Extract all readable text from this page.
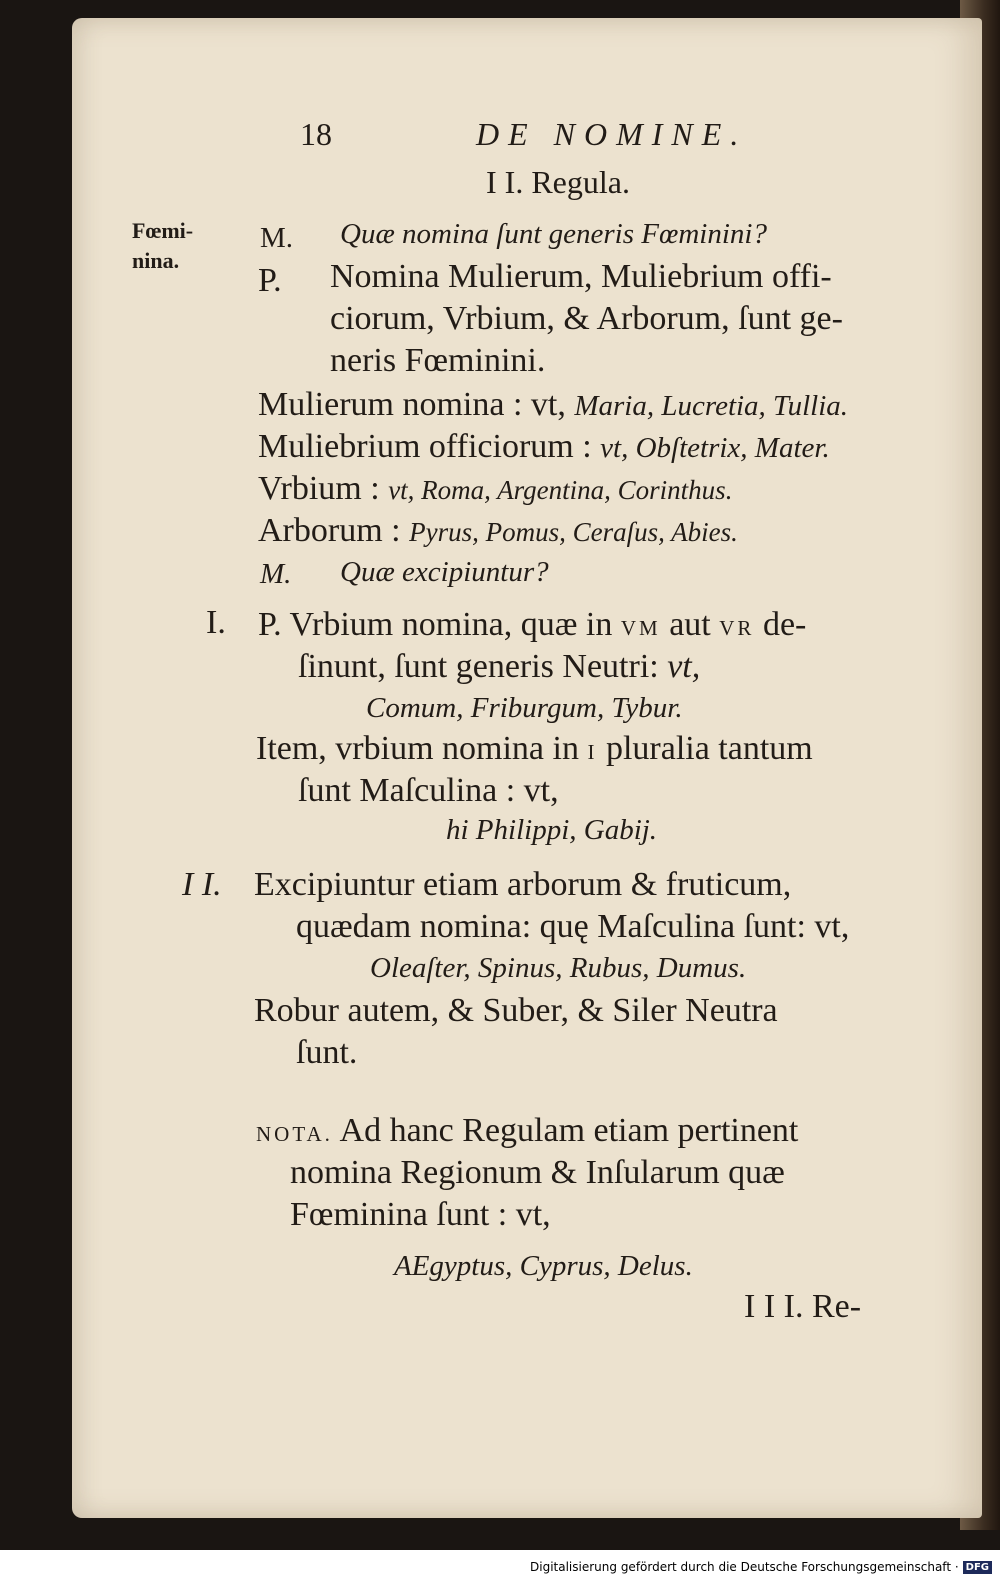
18	DE NOMINE.
I I. Regula.
Fœmi-
nina.
M. Quæ nomina ſunt generis Fœminini?
P. Nomina Mulierum, Muliebrium offi-
ciorum, Vrbium, & Arborum, ſunt ge-
neris Fœminini.
Mulierum nomina : vt, Maria, Lucretia, Tullia.
Muliebrium officiorum : vt, Obſtetrix, Mater.
Vrbium : vt, Roma, Argentina, Corinthus.
Arborum : Pyrus, Pomus, Ceraſus, Abies.
M. Quæ excipiuntur?
I. P. Vrbium nomina, quæ in VM aut VR de-
ſinunt, ſunt generis Neutri: vt,
Comum, Friburgum, Tybur.
Item, vrbium nomina in I pluralia tantum
ſunt Maſculina : vt,
hi Philippi, Gabij.
I I. Excipiuntur etiam arborum & fruticum,
quædam nomina: quę Maſculina ſunt: vt,
Oleaſter, Spinus, Rubus, Dumus.
Robur autem, & Suber, & Siler Neutra
ſunt.
NOTA. Ad hanc Regulam etiam pertinent
nomina Regionum & Inſularum quæ
Fœminina ſunt : vt,
AEgyptus, Cyprus, Delus.
I I I. Re-
Digitalisierung gefördert durch die Deutsche Forschungsgemeinschaft · DFG
